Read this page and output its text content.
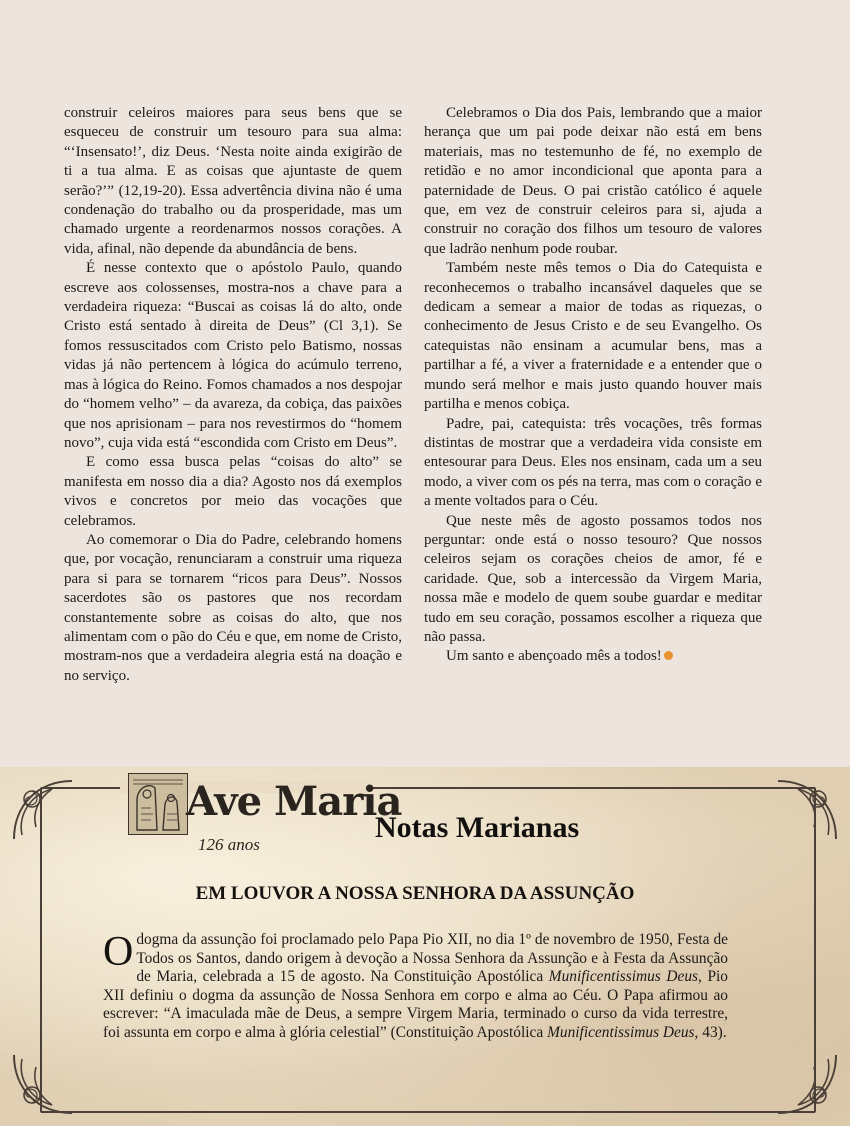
construir celeiros maiores para seus bens que se esqueceu de construir um tesouro para sua alma: “‘Insensato!’, diz Deus. ‘Nesta noite ainda exigirão de ti a tua alma. E as coisas que ajuntaste de quem serão?’” (12,19-20). Essa advertência divina não é uma condenação do trabalho ou da prosperidade, mas um chamado urgente a reordenarmos nossos corações. A vida, afinal, não depende da abundância de bens.

É nesse contexto que o apóstolo Paulo, quando escreve aos colossenses, mostra-nos a chave para a verdadeira riqueza: “Buscai as coisas lá do alto, onde Cristo está sentado à direita de Deus” (Cl 3,1). Se fomos ressuscitados com Cristo pelo Batismo, nossas vidas já não pertencem à lógica do acúmulo terreno, mas à lógica do Reino. Fomos chamados a nos despojar do “homem velho” – da avareza, da cobiça, das paixões que nos aprisionam – para nos revestirmos do “homem novo”, cuja vida está “escondida com Cristo em Deus”.

E como essa busca pelas “coisas do alto” se manifesta em nosso dia a dia? Agosto nos dá exemplos vivos e concretos por meio das vocações que celebramos.

Ao comemorar o Dia do Padre, celebrando homens que, por vocação, renunciaram a construir uma riqueza para si para se tornarem “ricos para Deus”. Nossos sacerdotes são os pastores que nos recordam constantemente sobre as coisas do alto, que nos alimentam com o pão do Céu e que, em nome de Cristo, mostram-nos que a verdadeira alegria está na doação e no serviço.

Celebramos o Dia dos Pais, lembrando que a maior herança que um pai pode deixar não está em bens materiais, mas no testemunho de fé, no exemplo de retidão e no amor incondicional que aponta para a paternidade de Deus. O pai cristão católico é aquele que, em vez de construir celeiros para si, ajuda a construir no coração dos filhos um tesouro de valores que ladrão nenhum pode roubar.

Também neste mês temos o Dia do Catequista e reconhecemos o trabalho incansável daqueles que se dedicam a semear a maior de todas as riquezas, o conhecimento de Jesus Cristo e de seu Evangelho. Os catequistas não ensinam a acumular bens, mas a partilhar a fé, a viver a fraternidade e a entender que o mundo será melhor e mais justo quando houver mais partilha e menos cobiça.

Padre, pai, catequista: três vocações, três formas distintas de mostrar que a verdadeira vida consiste em entesourar para Deus. Eles nos ensinam, cada um a seu modo, a viver com os pés na terra, mas com o coração e a mente voltados para o Céu.

Que neste mês de agosto possamos todos nos perguntar: onde está o nosso tesouro? Que nossos celeiros sejam os corações cheios de amor, fé e caridade. Que, sob a intercessão da Virgem Maria, nossa mãe e modelo de quem soube guardar e meditar tudo em seu coração, possamos escolher a riqueza que não passa.

Um santo e abençoado mês a todos!

Ave Maria
126 anos
Notas Marianas
EM LOUVOR A NOSSA SENHORA DA ASSUNÇÃO
O dogma da assunção foi proclamado pelo Papa Pio XII, no dia 1º de novembro de 1950, Festa de Todos os Santos, dando origem à devoção a Nossa Senhora da Assunção e à Festa da Assunção de Maria, celebrada a 15 de agosto. Na Constituição Apostólica Munificentissimus Deus, Pio XII definiu o dogma da assunção de Nossa Senhora em corpo e alma ao Céu. O Papa afirmou ao escrever: “A imaculada mãe de Deus, a sempre Virgem Maria, terminado o curso da vida terrestre, foi assunta em corpo e alma à glória celestial” (Constituição Apostólica Munificentissimus Deus, 43).
